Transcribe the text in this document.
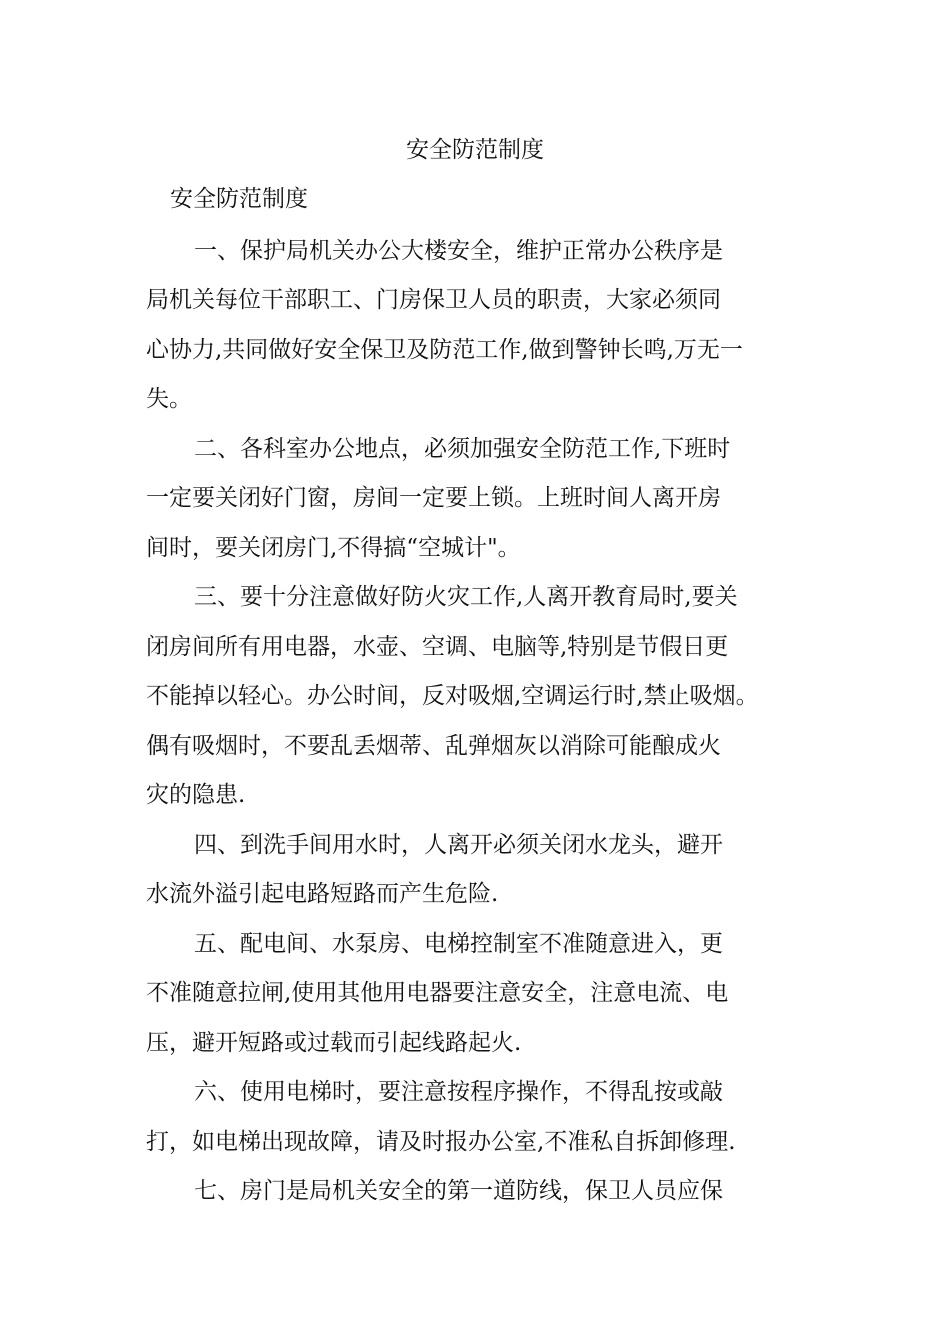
安全防范制度
安全防范制度
一、保护局机关办公大楼安全，维护正常办公秩序是
局机关每位干部职工、门房保卫人员的职责，大家必须同
心协力,共同做好安全保卫及防范工作,做到警钟长鸣,万无一
失。
二、各科室办公地点，必须加强安全防范工作,下班时
一定要关闭好门窗，房间一定要上锁。上班时间人离开房
间时，要关闭房门,不得搞“空城计"。
三、要十分注意做好防火灾工作,人离开教育局时,要关
闭房间所有用电器，水壶、空调、电脑等,特别是节假日更
不能掉以轻心。办公时间，反对吸烟,空调运行时,禁止吸烟。
偶有吸烟时，不要乱丢烟蒂、乱弹烟灰以消除可能酿成火
灾的隐患.
四、到洗手间用水时，人离开必须关闭水龙头，避开
水流外溢引起电路短路而产生危险.
五、配电间、水泵房、电梯控制室不准随意进入，更
不准随意拉闸,使用其他用电器要注意安全，注意电流、电
压，避开短路或过载而引起线路起火.
六、使用电梯时，要注意按程序操作，不得乱按或敲
打，如电梯出现故障，请及时报办公室,不准私自拆卸修理.
七、房门是局机关安全的第一道防线，保卫人员应保
